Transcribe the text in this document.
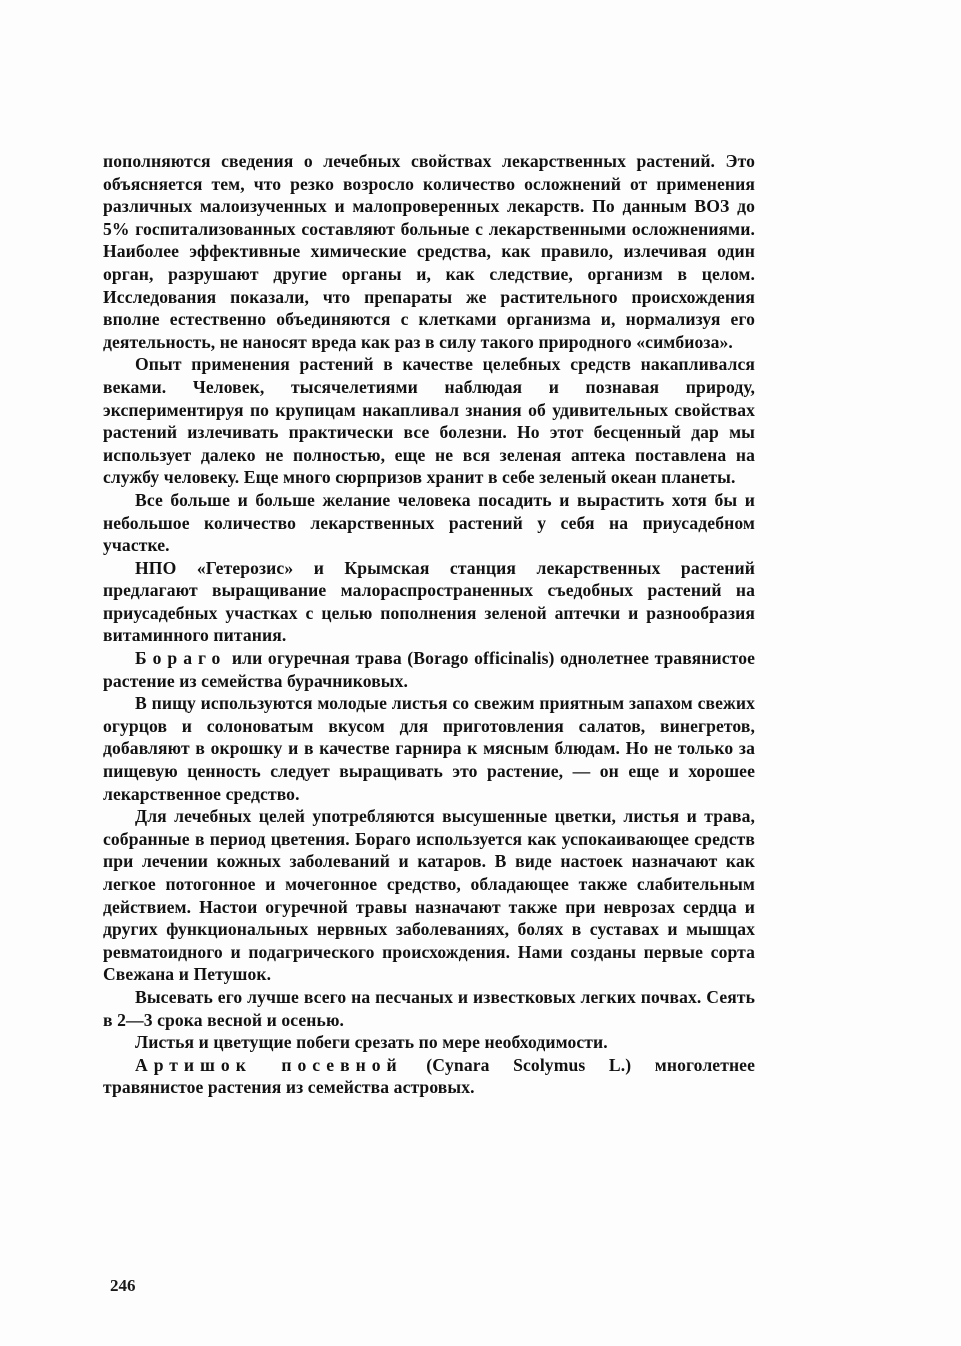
пополняются сведения о лечебных свойствах лекарственных растений. Это объясняется тем, что резко возросло количество осложнений от применения различных малоизученных и малопроверенных лекарств. По данным ВОЗ до 5% госпитализованных составляют больные с лекарственными осложнениями. Наиболее эффективные химические средства, как правило, излечивая один орган, разрушают другие органы и, как следствие, организм в целом. Исследования показали, что препараты же растительного происхождения вполне естественно объединяются с клетками организма и, нормализуя его деятельность, не наносят вреда как раз в силу такого природного «симбиоза».

Опыт применения растений в качестве целебных средств накапливался веками. Человек, тысячелетиями наблюдая и познавая природу, экспериментируя по крупицам накапливал знания об удивительных свойствах растений излечивать практически все болезни. Но этот бесценный дар мы использует далеко не полностью, еще не вся зеленая аптека поставлена на службу человеку. Еще много сюрпризов хранит в себе зеленый океан планеты.

Все больше и больше желание человека посадить и вырастить хотя бы и небольшое количество лекарственных растений у себя на приусадебном участке.

НПО «Гетерозис» и Крымская станция лекарственных растений предлагают выращивание малораспространенных съедобных растений на приусадебных участках с целью пополнения зеленой аптечки и разнообразия витаминного питания.

Бораго или огуречная трава (Borago officinalis) однолетнее травянистое растение из семейства бурачниковых.

В пищу используются молодые листья со свежим приятным запахом свежих огурцов и солоноватым вкусом для приготовления салатов, винегретов, добавляют в окрошку и в качестве гарнира к мясным блюдам. Но не только за пищевую ценность следует выращивать это растение, — он еще и хорошее лекарственное средство.

Для лечебных целей употребляются высушенные цветки, листья и трава, собранные в период цветения. Бораго используется как успокаивающее средств при лечении кожных заболеваний и катаров. В виде настоек назначают как легкое потогонное и мочегонное средство, обладающее также слабительным действием. Настои огуречной травы назначают также при неврозах сердца и других функциональных нервных заболеваниях, болях в суставах и мышцах ревматоидного и подагрического происхождения. Нами созданы первые сорта Свежана и Петушок.

Высевать его лучше всего на песчаных и известковых легких почвах. Сеять в 2—3 срока весной и осенью.

Листья и цветущие побеги срезать по мере необходимости.

Артишок посевной (Cynara Scolymus L.) многолетнее травянистое растения из семейства астровых.

246
